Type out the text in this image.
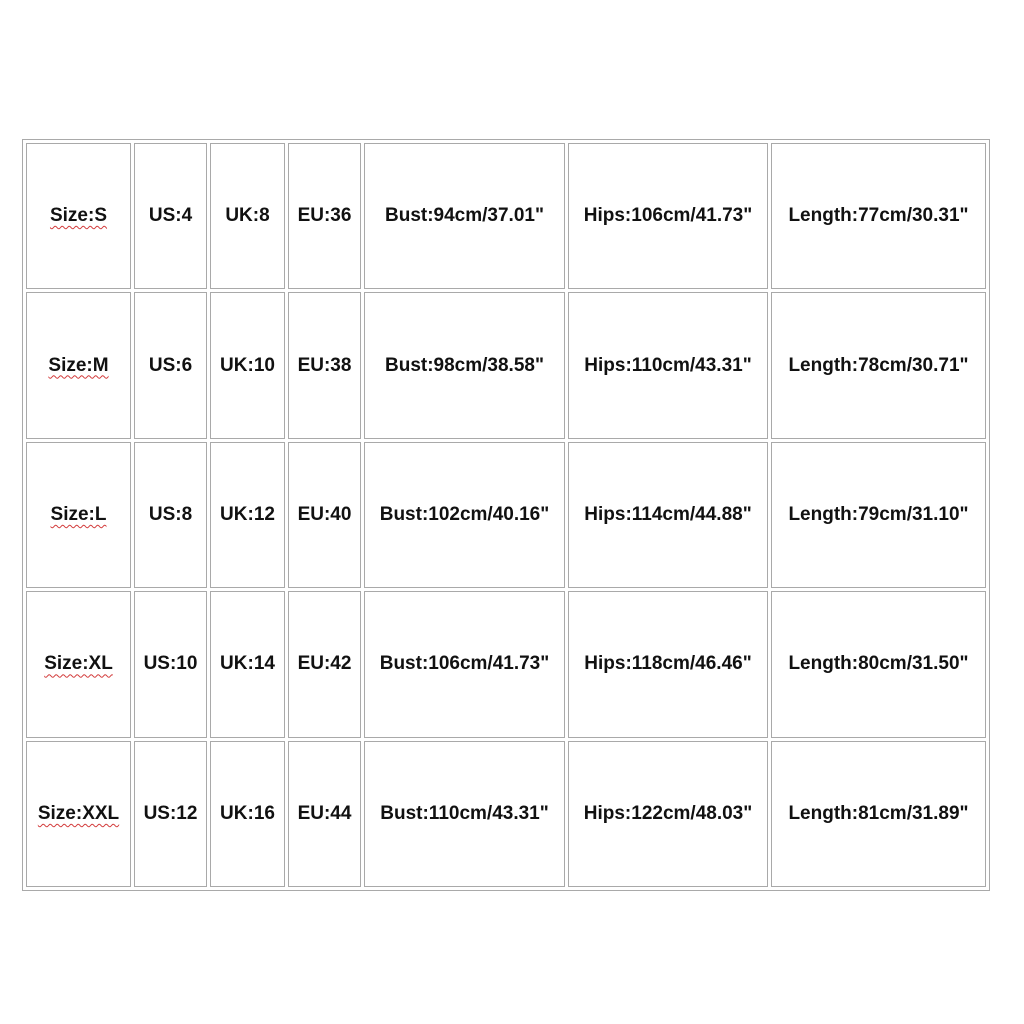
Size:S	US:4	UK:8	EU:36	Bust:94cm/37.01"	Hips:106cm/41.73"	Length:77cm/30.31"
Size:M	US:6	UK:10	EU:38	Bust:98cm/38.58"	Hips:110cm/43.31"	Length:78cm/30.71"
Size:L	US:8	UK:12	EU:40	Bust:102cm/40.16"	Hips:114cm/44.88"	Length:79cm/31.10"
Size:XL	US:10	UK:14	EU:42	Bust:106cm/41.73"	Hips:118cm/46.46"	Length:80cm/31.50"
Size:XXL	US:12	UK:16	EU:44	Bust:110cm/43.31"	Hips:122cm/48.03"	Length:81cm/31.89"
